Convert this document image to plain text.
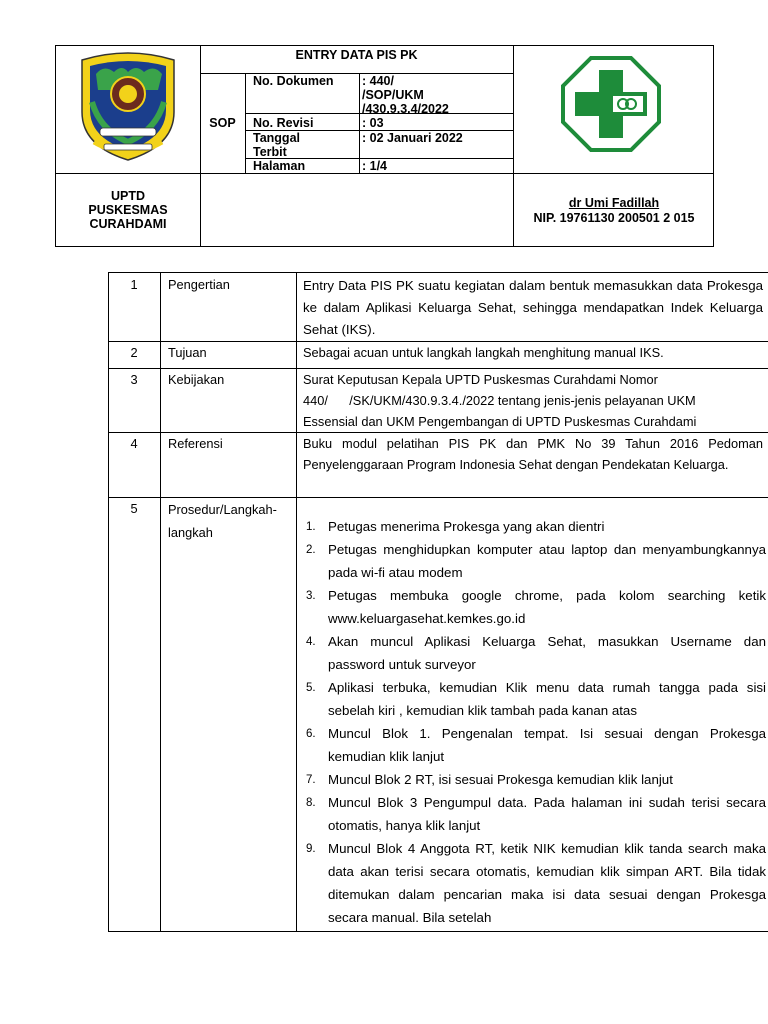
ENTRY DATA PIS PK
SOP
No. Dokumen : 440/
/SOP/UKM
/430.9.3.4/2022
No. Revisi	: 03
Tanggal
Terbit
: 02 Januari 2022
Halaman	: 1/4
UPTD
PUSKESMAS
CURAHDAMI
dr Umi Fadillah
NIP. 19761130 200501 2 015
1	Pengertian	Entry Data PIS PK suatu kegiatan dalam bentuk memasukkan data Prokesga ke dalam Aplikasi Keluarga Sehat, sehingga mendapatkan Indek Keluarga Sehat (IKS).
2	Tujuan	Sebagai acuan untuk langkah langkah menghitung manual IKS.
3	Kebijakan	Surat Keputusan Kepala UPTD Puskesmas Curahdami Nomor
440/      /SK/UKM/430.9.3.4./2022 tentang jenis-jenis pelayanan UKM
Essensial dan UKM Pengembangan di UPTD Puskesmas Curahdami
4	Referensi	Buku modul pelatihan PIS PK dan PMK No 39 Tahun 2016 Pedoman Penyelenggaraan Program Indonesia Sehat dengan Pendekatan Keluarga.
5	Prosedur/Langkah-
langkah	1. Petugas menerima Prokesga yang akan dientri
2. Petugas menghidupkan komputer atau laptop dan menyambungkannya pada wi-fi atau modem
3. Petugas membuka google chrome, pada kolom searching ketik www.keluargasehat.kemkes.go.id
4. Akan muncul Aplikasi Keluarga Sehat, masukkan Username dan password untuk surveyor
5. Aplikasi terbuka, kemudian Klik menu data rumah tangga pada sisi sebelah kiri , kemudian klik tambah pada kanan atas
6. Muncul Blok 1. Pengenalan tempat. Isi sesuai dengan Prokesga kemudian klik lanjut
7. Muncul Blok 2 RT, isi sesuai Prokesga kemudian klik lanjut
8. Muncul Blok 3 Pengumpul data. Pada halaman ini sudah terisi secara otomatis, hanya klik lanjut
9. Muncul Blok 4 Anggota RT, ketik NIK kemudian klik tanda search maka data akan terisi secara otomatis, kemudian klik simpan ART. Bila tidak ditemukan dalam pencarian maka isi data sesuai dengan Prokesga secara manual. Bila setelah
